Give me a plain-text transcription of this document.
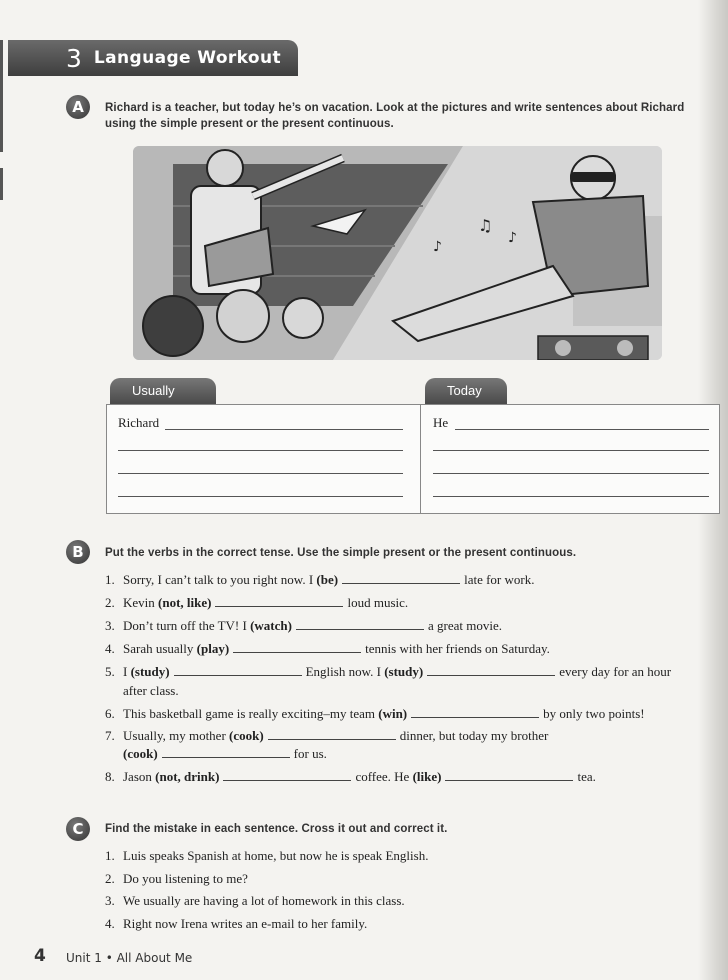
3 Language Workout
A	Richard is a teacher, but today he’s on vacation. Look at the pictures and write sentences about Richard
using the simple present or the present continuous.
♫
♪
♪
Usually	Today
Richard	He
B	Put the verbs in the correct tense. Use the simple present or the present continuous.
1. Sorry, I can’t talk to you right now. I (be)	late for work.
2. Kevin (not, like)	loud music.
3. Don’t turn off the TV! I (watch)	a great movie.
4. Sarah usually (play)	tennis with her friends on Saturday.
5. I (study)	English now. I (study)	every day for an hour
after class.
6. This basketball game is really exciting–my team (win)	by only two points!
7. Usually, my mother (cook)	dinner, but today my brother
(cook)	for us.
8. Jason (not, drink)	coffee. He (like)	tea.
C	Find the mistake in each sentence. Cross it out and correct it.
1. Luis speaks Spanish at home, but now he is speak English.
2. Do you listening to me?
3. We usually are having a lot of homework in this class.
4. Right now Irena writes an e-mail to her family.
4 Unit 1 • All About Me
